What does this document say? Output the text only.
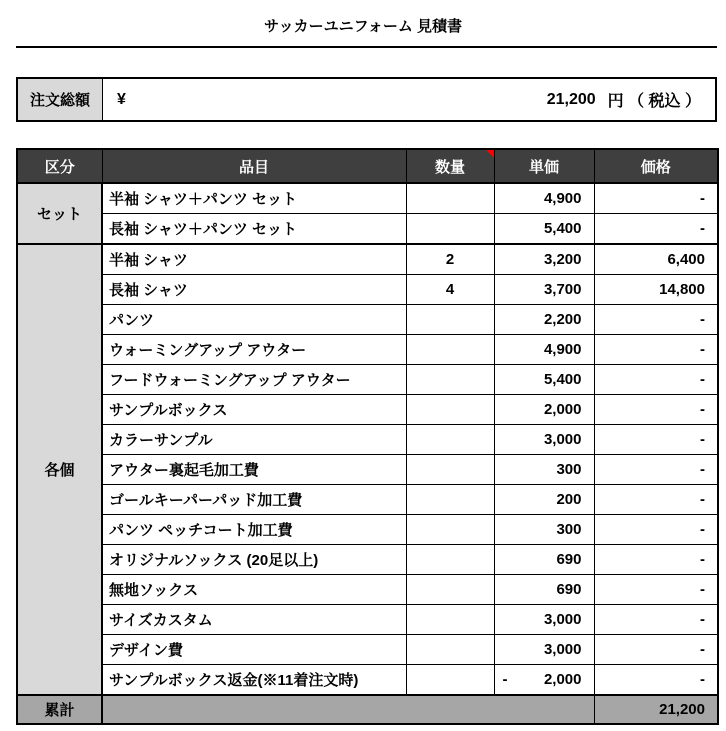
サッカーユニフォーム 見積書
注文総額	¥	21,200 円 （ 税込 ）
区分	品目	数量	単価	価格
セット	半袖 シャツ＋パンツ セット		4,900	-
	長袖 シャツ＋パンツ セット		5,400	-
各個	半袖 シャツ	2	3,200	6,400
	長袖 シャツ	4	3,700	14,800
	パンツ		2,200	-
	ウォーミングアップ アウター		4,900	-
	フードウォーミングアップ アウター		5,400	-
	サンプルボックス		2,000	-
	カラーサンプル		3,000	-
	アウター裏起毛加工費		300	-
	ゴールキーパーパッド加工費		200	-
	パンツ ペッチコート加工費		300	-
	オリジナルソックス (20足以上)		690	-
	無地ソックス		690	-
	サイズカスタム		3,000	-
	デザイン費		3,000	-
	サンプルボックス返金(※11着注文時)		- 2,000	-
累計				21,200
